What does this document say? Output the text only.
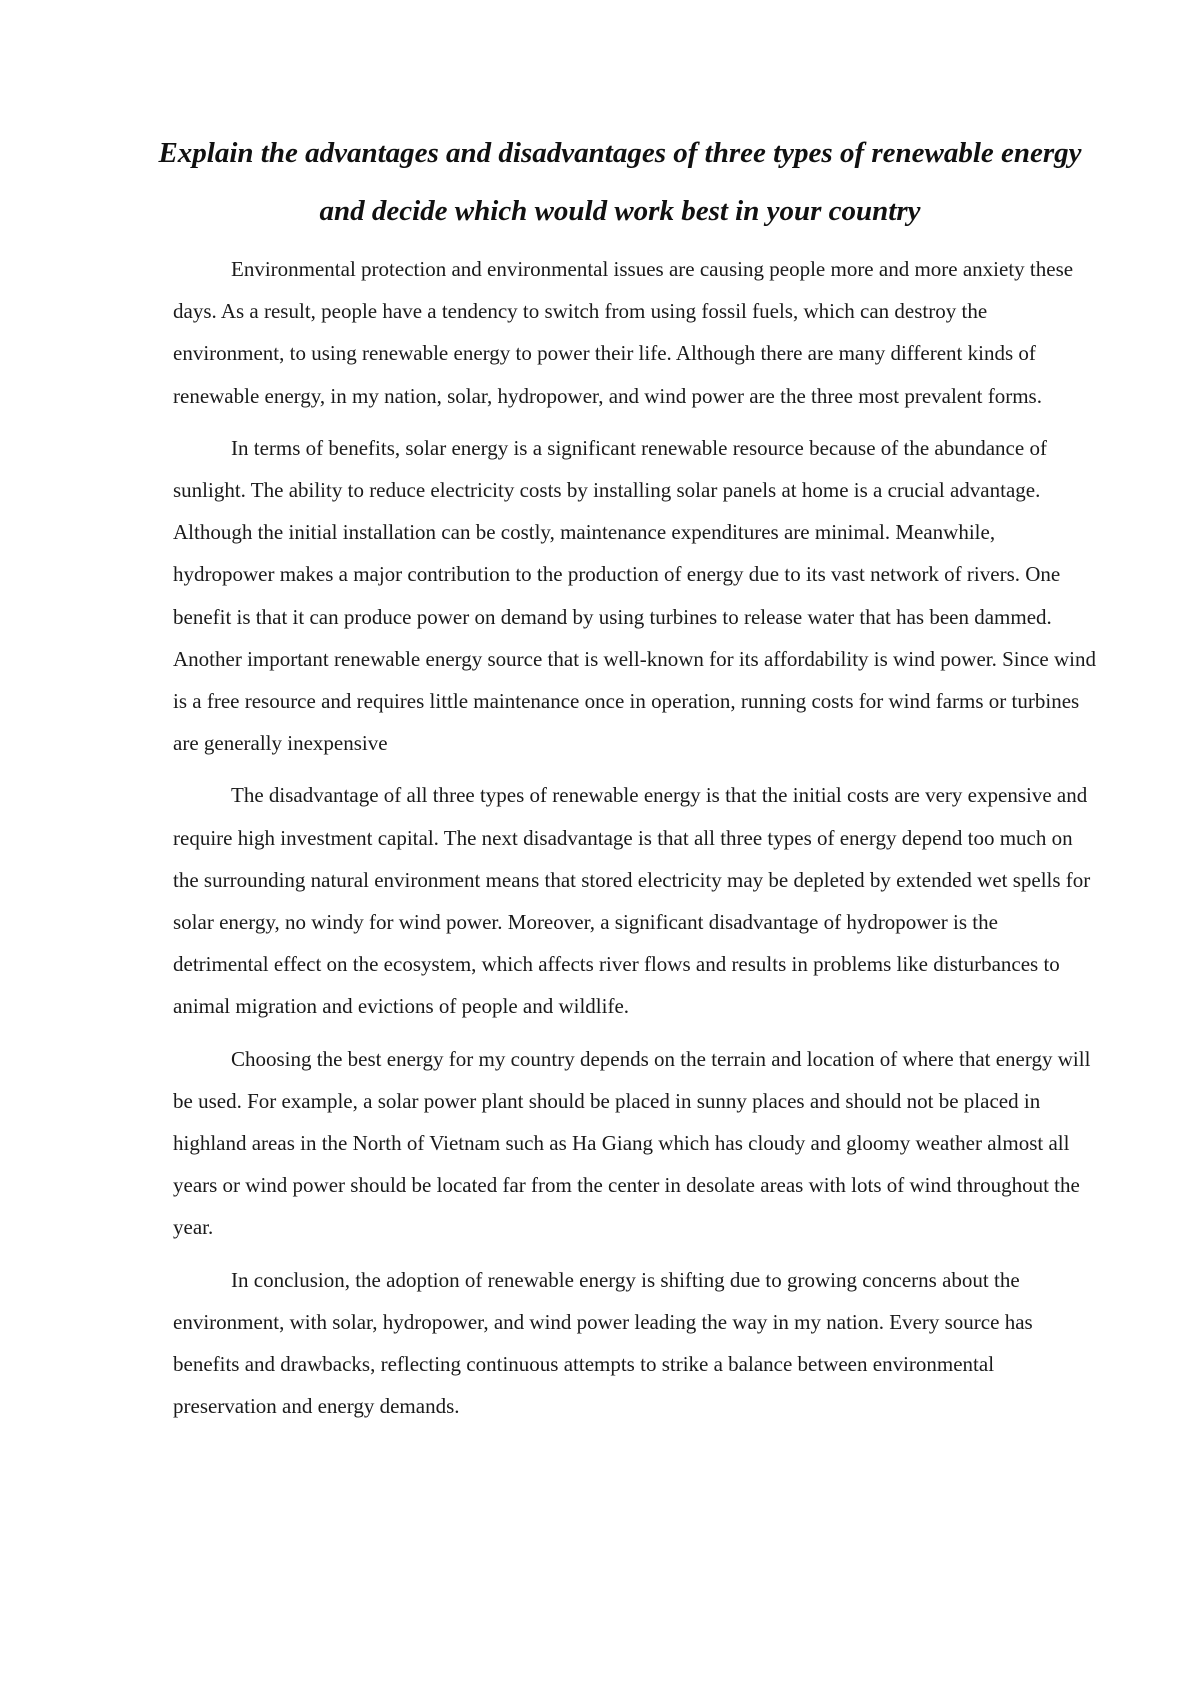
Explain the advantages and disadvantages of three types of renewable energy and decide which would work best in your country

Environmental protection and environmental issues are causing people more and more anxiety these days. As a result, people have a tendency to switch from using fossil fuels, which can destroy the environment, to using renewable energy to power their life. Although there are many different kinds of renewable energy, in my nation, solar, hydropower, and wind power are the three most prevalent forms.

In terms of benefits, solar energy is a significant renewable resource because of the abundance of sunlight. The ability to reduce electricity costs by installing solar panels at home is a crucial advantage. Although the initial installation can be costly, maintenance expenditures are minimal. Meanwhile, hydropower makes a major contribution to the production of energy due to its vast network of rivers. One benefit is that it can produce power on demand by using turbines to release water that has been dammed. Another important renewable energy source that is well-known for its affordability is wind power. Since wind is a free resource and requires little maintenance once in operation, running costs for wind farms or turbines are generally inexpensive

The disadvantage of all three types of renewable energy is that the initial costs are very expensive and require high investment capital. The next disadvantage is that all three types of energy depend too much on the surrounding natural environment means that stored electricity may be depleted by extended wet spells for solar energy, no windy for wind power. Moreover, a significant disadvantage of hydropower is the detrimental effect on the ecosystem, which affects river flows and results in problems like disturbances to animal migration and evictions of people and wildlife.

Choosing the best energy for my country depends on the terrain and location of where that energy will be used. For example, a solar power plant should be placed in sunny places and should not be placed in highland areas in the North of Vietnam such as Ha Giang which has cloudy and gloomy weather almost all years or wind power should be located far from the center in desolate areas with lots of wind throughout the year.

In conclusion, the adoption of renewable energy is shifting due to growing concerns about the environment, with solar, hydropower, and wind power leading the way in my nation. Every source has benefits and drawbacks, reflecting continuous attempts to strike a balance between environmental preservation and energy demands.
